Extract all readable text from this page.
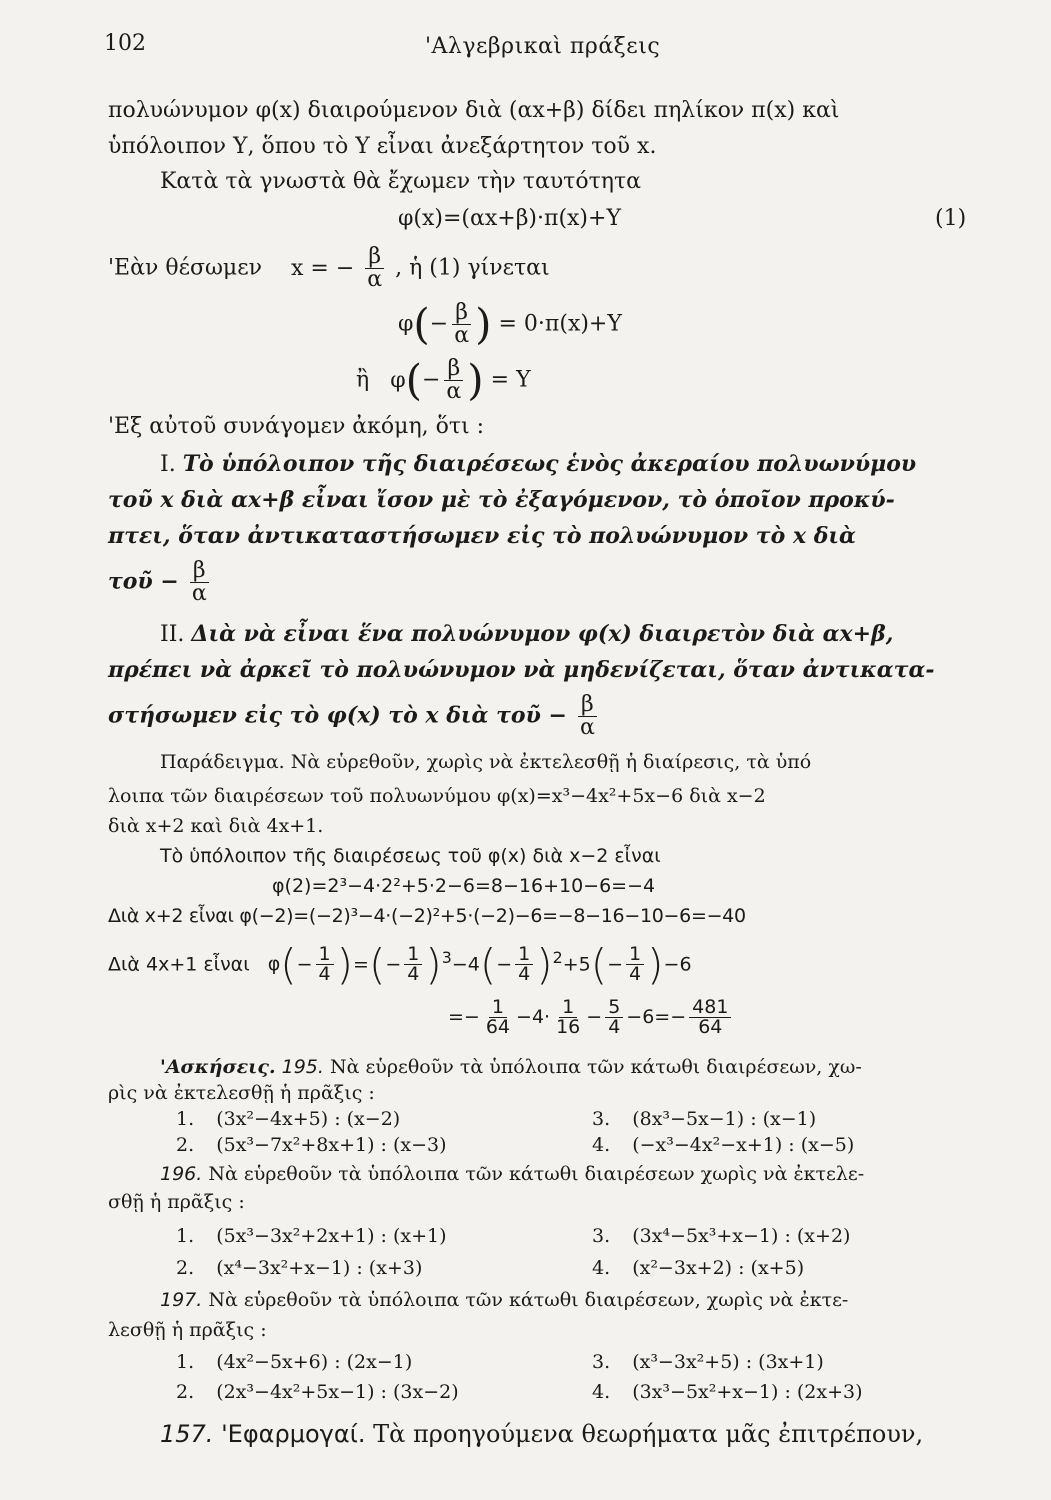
102	'Αλγεβρικαὶ πράξεις
πολυώνυμον φ(x) διαιρούμενον διὰ (αx+β) δίδει πηλίκον π(x) καὶ
ὑπόλοιπον Υ, ὅπου τὸ Υ εἶναι ἀνεξάρτητον τοῦ x.
Κατὰ τὰ γνωστὰ θὰ ἔχωμεν τὴν ταυτότητα
φ(x)=(αx+β)·π(x)+Υ	(1)
'Εὰν θέσωμεν x = − $\frac{\beta}{\alpha}$ , ἡ (1) γίνεται
$\varphi(- \frac{\beta}{\alpha}$ ) = 0·π(x)+Υ
ἢ $\varphi(- \frac{\beta}{\alpha}$ ) = Υ
'Εξ αὐτοῦ συνάγομεν ἀκόμη, ὅτι :
I. Τὸ ὑπόλοιπον τῆς διαιρέσεως ἑνὸς ἀκεραίου πολυωνύμου
τοῦ x διὰ αx+β εἶναι ἴσον μὲ τὸ ἐξαγόμενον, τὸ ὁποῖον προκύ-
πτει, ὅταν ἀντικαταστήσωμεν εἰς τὸ πολυώνυμον τὸ x διὰ
τοῦ − $\frac{\beta}{\alpha}$
II. Διὰ νὰ εἶναι ἕνα πολυώνυμον φ(x) διαιρετὸν διὰ αx+β,
πρέπει νὰ ἀρκεῖ τὸ πολυώνυμον νὰ μηδενίζεται, ὅταν ἀντικατα-
στήσωμεν εἰς τὸ φ(x) τὸ x διὰ τοῦ − $\frac{\beta}{\alpha}$
Παράδειγμα. Νὰ εὑρεθοῦν, χωρὶς νὰ ἐκτελεσθῇ ἡ διαίρεσις, τὰ ὑπό
λοιπα τῶν διαιρέσεων τοῦ πολυωνύμου φ(x)=x³−4x²+5x−6 διὰ x−2
διὰ x+2 καὶ διὰ 4x+1.
Τὸ ὑπόλοιπον τῆς διαιρέσεως τοῦ φ(x) διὰ x−2 εἶναι
φ(2)=2³−4·2²+5·2−6=8−16+10−6=−4
Διὰ x+2 εἶναι φ(−2)=(−2)³−4·(−2)²+5·(−2)−6=−8−16−10−6=−40
Διὰ 4x+1 εἶναι $\varphi(- \frac{1}{4}$ )=(− $\frac{1}{4} )^3-4(- \frac{1}{4} )^2+5(- \frac{1}{4} )-6$
=− $\frac{1}{64} -4\cdot \frac{1}{16} - \frac{5}{4} -6=- \frac{481}{64}$
'Ασκήσεις. 195. Νὰ εὑρεθοῦν τὰ ὑπόλοιπα τῶν κάτωθι διαιρέσεων, χω-
ρὶς νὰ ἐκτελεσθῇ ἡ πρᾶξις :
1. (3x²−4x+5) : (x−2)	3. (8x³−5x−1) : (x−1)
2. (5x³−7x²+8x+1) : (x−3)	4. (−x³−4x²−x+1) : (x−5)
196. Νὰ εὑρεθοῦν τὰ ὑπόλοιπα τῶν κάτωθι διαιρέσεων χωρὶς νὰ ἐκτελε-
σθῇ ἡ πρᾶξις :
1. (5x³−3x²+2x+1) : (x+1)	3. (3x⁴−5x³+x−1) : (x+2)
2. (x⁴−3x²+x−1) : (x+3)	4. (x²−3x+2) : (x+5)
197. Νὰ εὑρεθοῦν τὰ ὑπόλοιπα τῶν κάτωθι διαιρέσεων, χωρὶς νὰ ἐκτε-
λεσθῇ ἡ πρᾶξις :
1. (4x²−5x+6) : (2x−1)	3. (x³−3x²+5) : (3x+1)
2. (2x³−4x²+5x−1) : (3x−2)	4. (3x³−5x²+x−1) : (2x+3)
157. 'Εφαρμογαί. Τὰ προηγούμενα θεωρήματα μᾶς ἐπιτρέπουν,
